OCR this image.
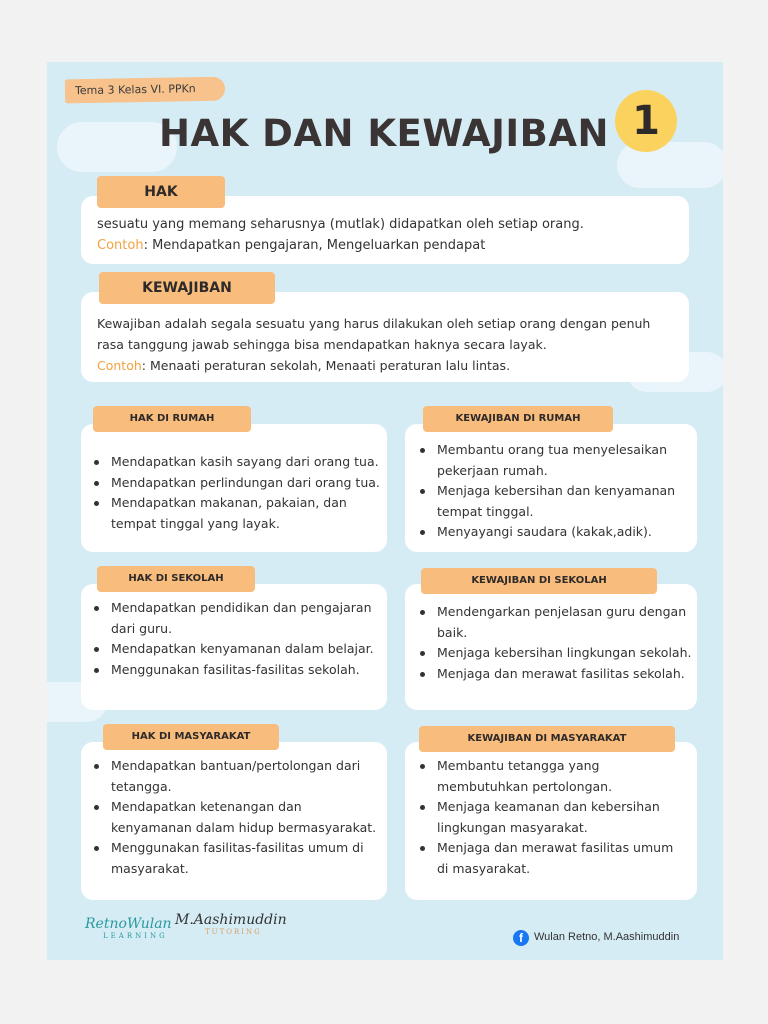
Tema 3 Kelas VI. PPKn
HAK DAN KEWAJIBAN 1
HAK
sesuatu yang memang seharusnya (mutlak) didapatkan oleh setiap orang.
Contoh: Mendapatkan pengajaran, Mengeluarkan pendapat
KEWAJIBAN
Kewajiban adalah segala sesuatu yang harus dilakukan oleh setiap orang dengan penuh
rasa tanggung jawab sehingga bisa mendapatkan haknya secara layak.
Contoh: Menaati peraturan sekolah, Menaati peraturan lalu lintas.
HAK DI RUMAH
Mendapatkan kasih sayang dari orang tua.
Mendapatkan perlindungan dari orang tua.
Mendapatkan makanan, pakaian, dan tempat tinggal yang layak.
KEWAJIBAN DI RUMAH
Membantu orang tua menyelesaikan pekerjaan rumah.
Menjaga kebersihan dan kenyamanan tempat tinggal.
Menyayangi saudara (kakak,adik).
HAK DI SEKOLAH
Mendapatkan pendidikan dan pengajaran dari guru.
Mendapatkan kenyamanan dalam belajar.
Menggunakan fasilitas-fasilitas sekolah.
KEWAJIBAN DI SEKOLAH
Mendengarkan penjelasan guru dengan baik.
Menjaga kebersihan lingkungan sekolah.
Menjaga dan merawat fasilitas sekolah.
HAK DI MASYARAKAT
Mendapatkan bantuan/pertolongan dari tetangga.
Mendapatkan ketenangan dan kenyamanan dalam hidup bermasyarakat.
Menggunakan fasilitas-fasilitas umum di masyarakat.
KEWAJIBAN DI MASYARAKAT
Membantu tetangga yang membutuhkan pertolongan.
Menjaga keamanan dan kebersihan lingkungan masyarakat.
Menjaga dan merawat fasilitas umum di masyarakat.
RetnoWulan
LEARNING
M.Aashimuddin
TUTORING	f	Wulan Retno, M.Aashimuddin
